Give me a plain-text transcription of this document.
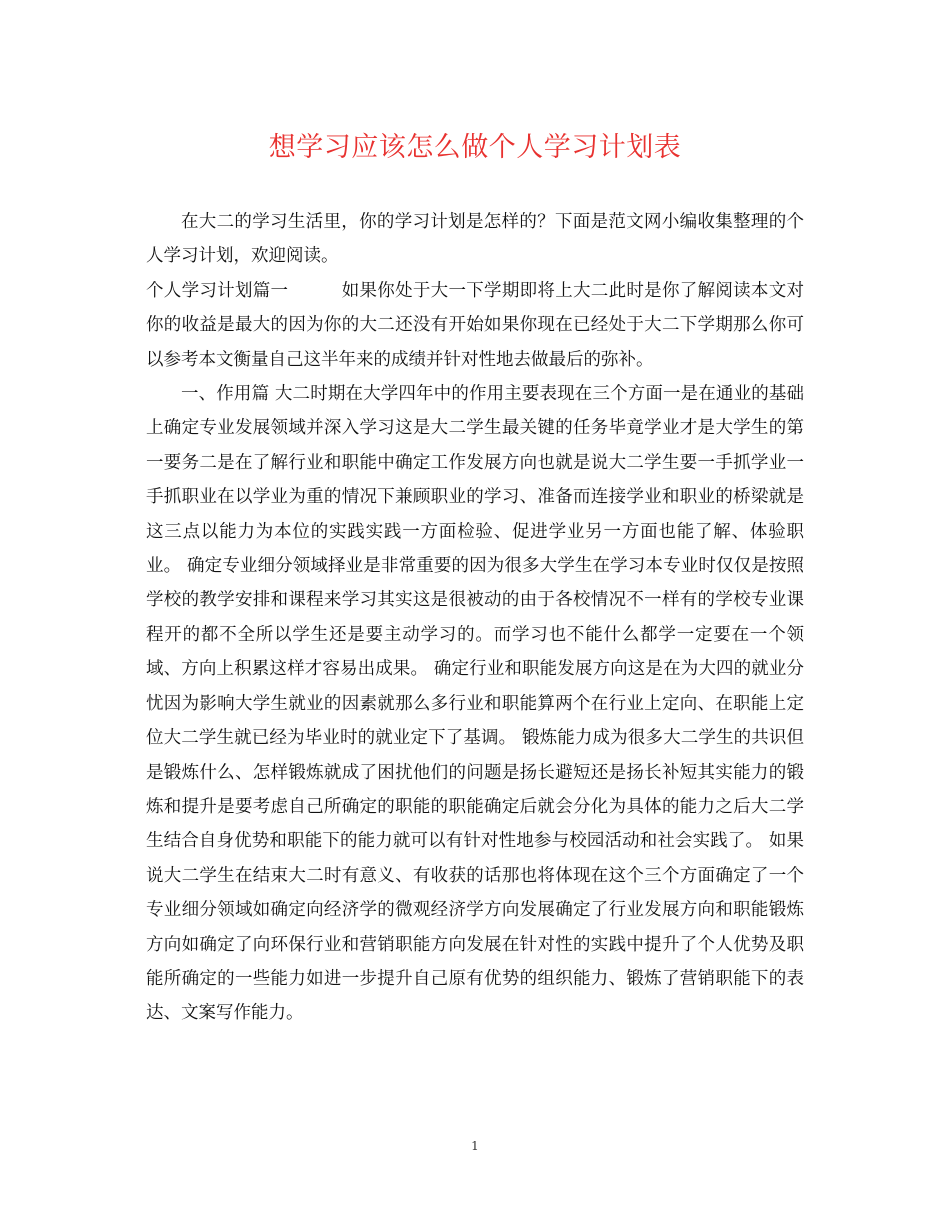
想学习应该怎么做个人学习计划表

在大二的学习生活里，你的学习计划是怎样的？下面是范文网小编收集整理的个人学习计划，欢迎阅读。

个人学习计划篇一　　　如果你处于大一下学期即将上大二此时是你了解阅读本文对你的收益是最大的因为你的大二还没有开始如果你现在已经处于大二下学期那么你可以参考本文衡量自己这半年来的成绩并针对性地去做最后的弥补。

一、作用篇 大二时期在大学四年中的作用主要表现在三个方面一是在通业的基础上确定专业发展领域并深入学习这是大二学生最关键的任务毕竟学业才是大学生的第一要务二是在了解行业和职能中确定工作发展方向也就是说大二学生要一手抓学业一手抓职业在以学业为重的情况下兼顾职业的学习、准备而连接学业和职业的桥梁就是这三点以能力为本位的实践实践一方面检验、促进学业另一方面也能了解、体验职业。 确定专业细分领域择业是非常重要的因为很多大学生在学习本专业时仅仅是按照学校的教学安排和课程来学习其实这是很被动的由于各校情况不一样有的学校专业课程开的都不全所以学生还是要主动学习的。而学习也不能什么都学一定要在一个领域、方向上积累这样才容易出成果。 确定行业和职能发展方向这是在为大四的就业分忧因为影响大学生就业的因素就那么多行业和职能算两个在行业上定向、在职能上定位大二学生就已经为毕业时的就业定下了基调。 锻炼能力成为很多大二学生的共识但是锻炼什么、怎样锻炼就成了困扰他们的问题是扬长避短还是扬长补短其实能力的锻炼和提升是要考虑自己所确定的职能的职能确定后就会分化为具体的能力之后大二学生结合自身优势和职能下的能力就可以有针对性地参与校园活动和社会实践了。 如果说大二学生在结束大二时有意义、有收获的话那也将体现在这个三个方面确定了一个专业细分领域如确定向经济学的微观经济学方向发展确定了行业发展方向和职能锻炼方向如确定了向环保行业和营销职能方向发展在针对性的实践中提升了个人优势及职能所确定的一些能力如进一步提升自己原有优势的组织能力、锻炼了营销职能下的表达、文案写作能力。

1
